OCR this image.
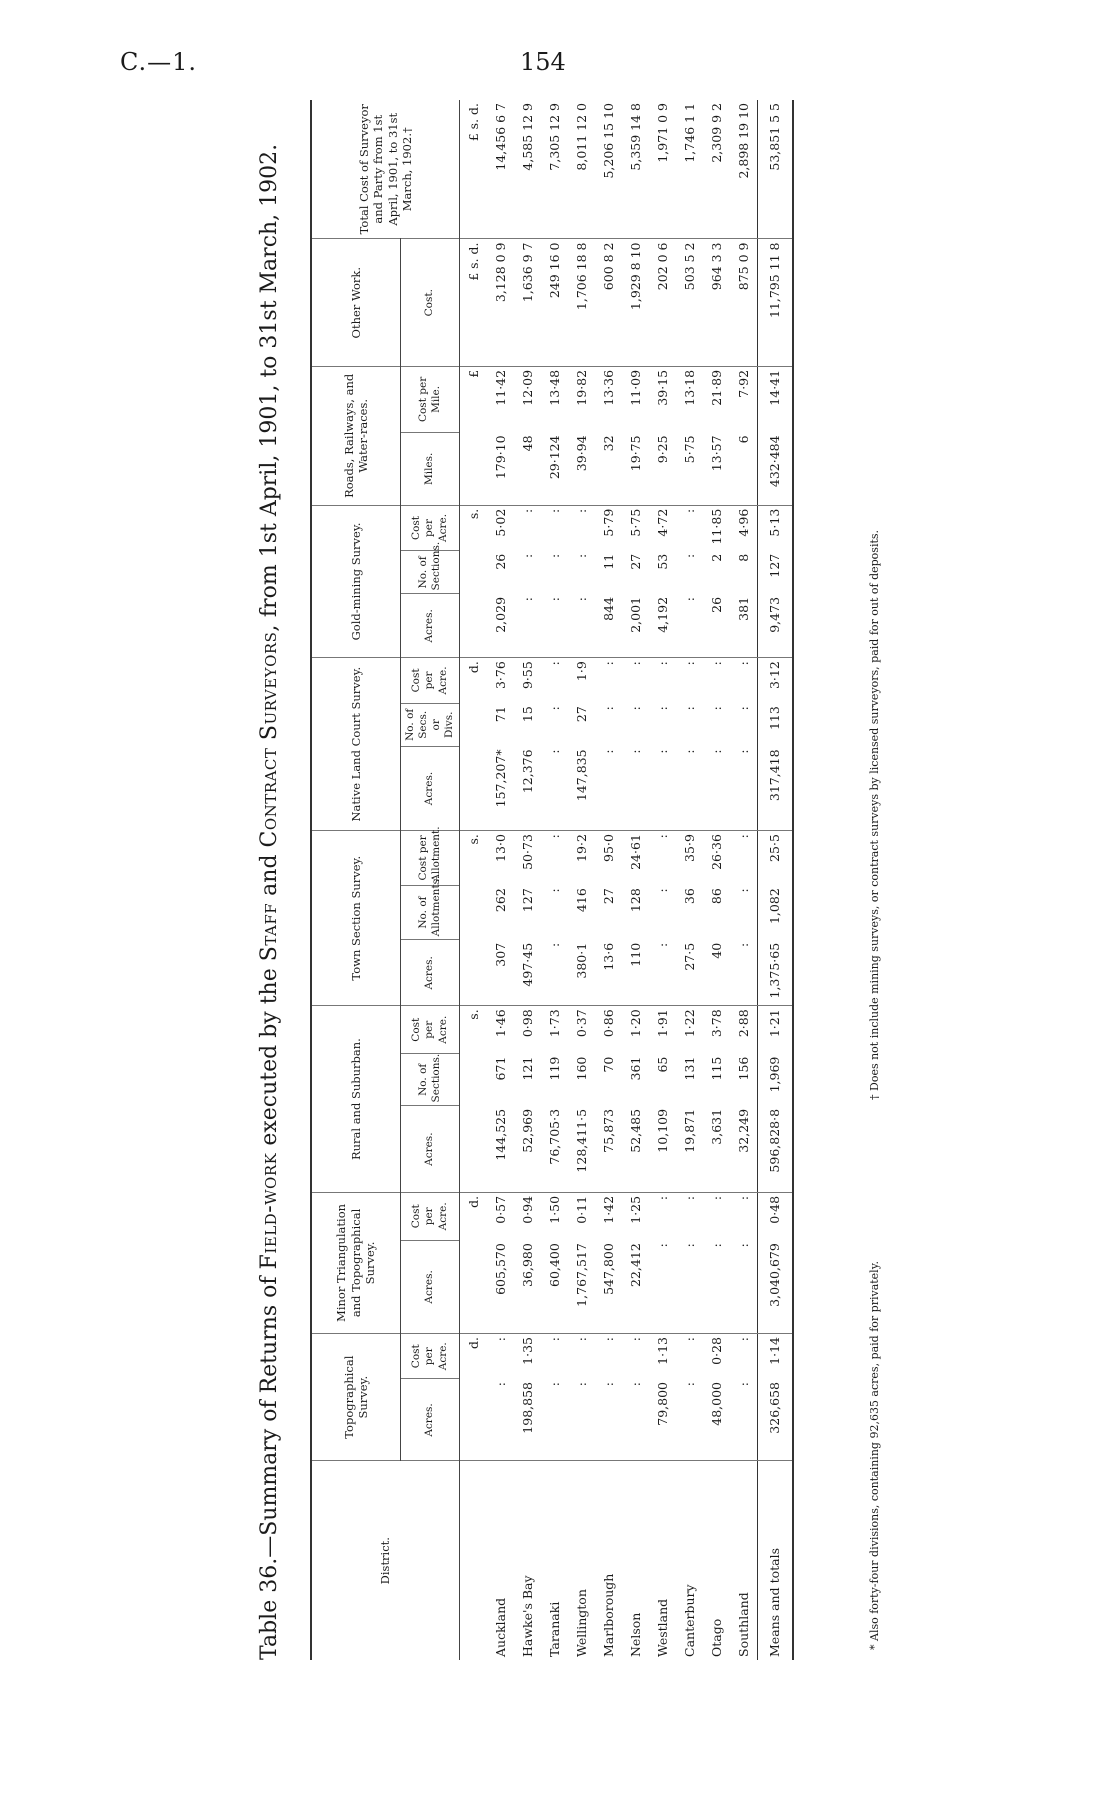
C.—1.	154
Table 36.—Summary of Returns of Field-work executed by the Staff and Contract Surveyors, from 1st April, 1901, to 31st March, 1902.
District.	Topographical Survey.		Minor Triangulation and Topographical Survey.		Rural and Suburban.			Town Section Survey.			Native Land Court Survey.			Gold-mining Survey.			Roads, Railways, and Water-races.		Other Work.	Total Cost of Surveyor and Party from 1st April, 1901, to 31st March, 1902.†
	Acres.	Cost per Acre.	Acres.	Cost per Acre.	Acres.	No. of Sections.	Cost per Acre.	Acres.	No. of Allotments.	Cost per Allotment.	Acres.	No. of Secs. or Divs.	Cost per Acre.	Acres.	No. of Sections.	Cost per Acre.	Miles.	Cost per Mile.	Cost.	
		d.		d.			s.			s.			d.			s.		£	£ s. d.	£ s. d.
Auckland	:	:	605,570	0·57	144,525	671	1·46	307	262	13·0	157,207*	71	3·76	2,029	26	5·02	179·10	11·42	3,128 0 9	14,456 6 7
Hawke's Bay	198,858	1·35	36,980	0·94	52,969	121	0·98	497·45	127	50·73	12,376	15	9·55	:	:	:	48	12·09	1,636 9 7	4,585 12 9
Taranaki	:	:	60,400	1·50	76,705·3	119	1·73	:	:	:	:	:	:	:	:	:	29·124	13·48	249 16 0	7,305 12 9
Wellington	:	:	1,767,517	0·11	128,411·5	160	0·37	380·1	416	19·2	147,835	27	1·9	:	:	:	39·94	19·82	1,706 18 8	8,011 12 0
Marlborough	:	:	547,800	1·42	75,873	70	0·86	13·6	27	95·0	:	:	:	844	11	5·79	32	13·36	600 8 2	5,206 15 10
Nelson	:	:	22,412	1·25	52,485	361	1·20	110	128	24·61	:	:	:	2,001	27	5·75	19·75	11·09	1,929 8 10	5,359 14 8
Westland	79,800	1·13	:	:	10,109	65	1·91	:	:	:	:	:	:	4,192	53	4·72	9·25	39·15	202 0 6	1,971 0 9
Canterbury	:	:	:	:	19,871	131	1·22	27·5	36	35·9	:	:	:	:	:	:	5·75	13·18	503 5 2	1,746 1 1
Otago	48,000	0·28	:	:	3,631	115	3·78	40	86	26·36	:	:	:	26	2	11·85	13·57	21·89	964 3 3	2,309 9 2
Southland	:	:	:	:	32,249	156	2·88	:	:	:	:	:	:	381	8	4·96	6	7·92	875 0 9	2,898 19 10
Means and totals	326,658	1·14	3,040,679	0·48	596,828·8	1,969	1·21	1,375·65	1,082	25·5	317,418	113	3·12	9,473	127	5·13	432·484	14·41	11,795 11 8	53,851 5 5
* Also forty-four divisions, containing 92,635 acres, paid for privately.
† Does not include mining surveys, or contract surveys by licensed surveyors, paid for out of deposits.
